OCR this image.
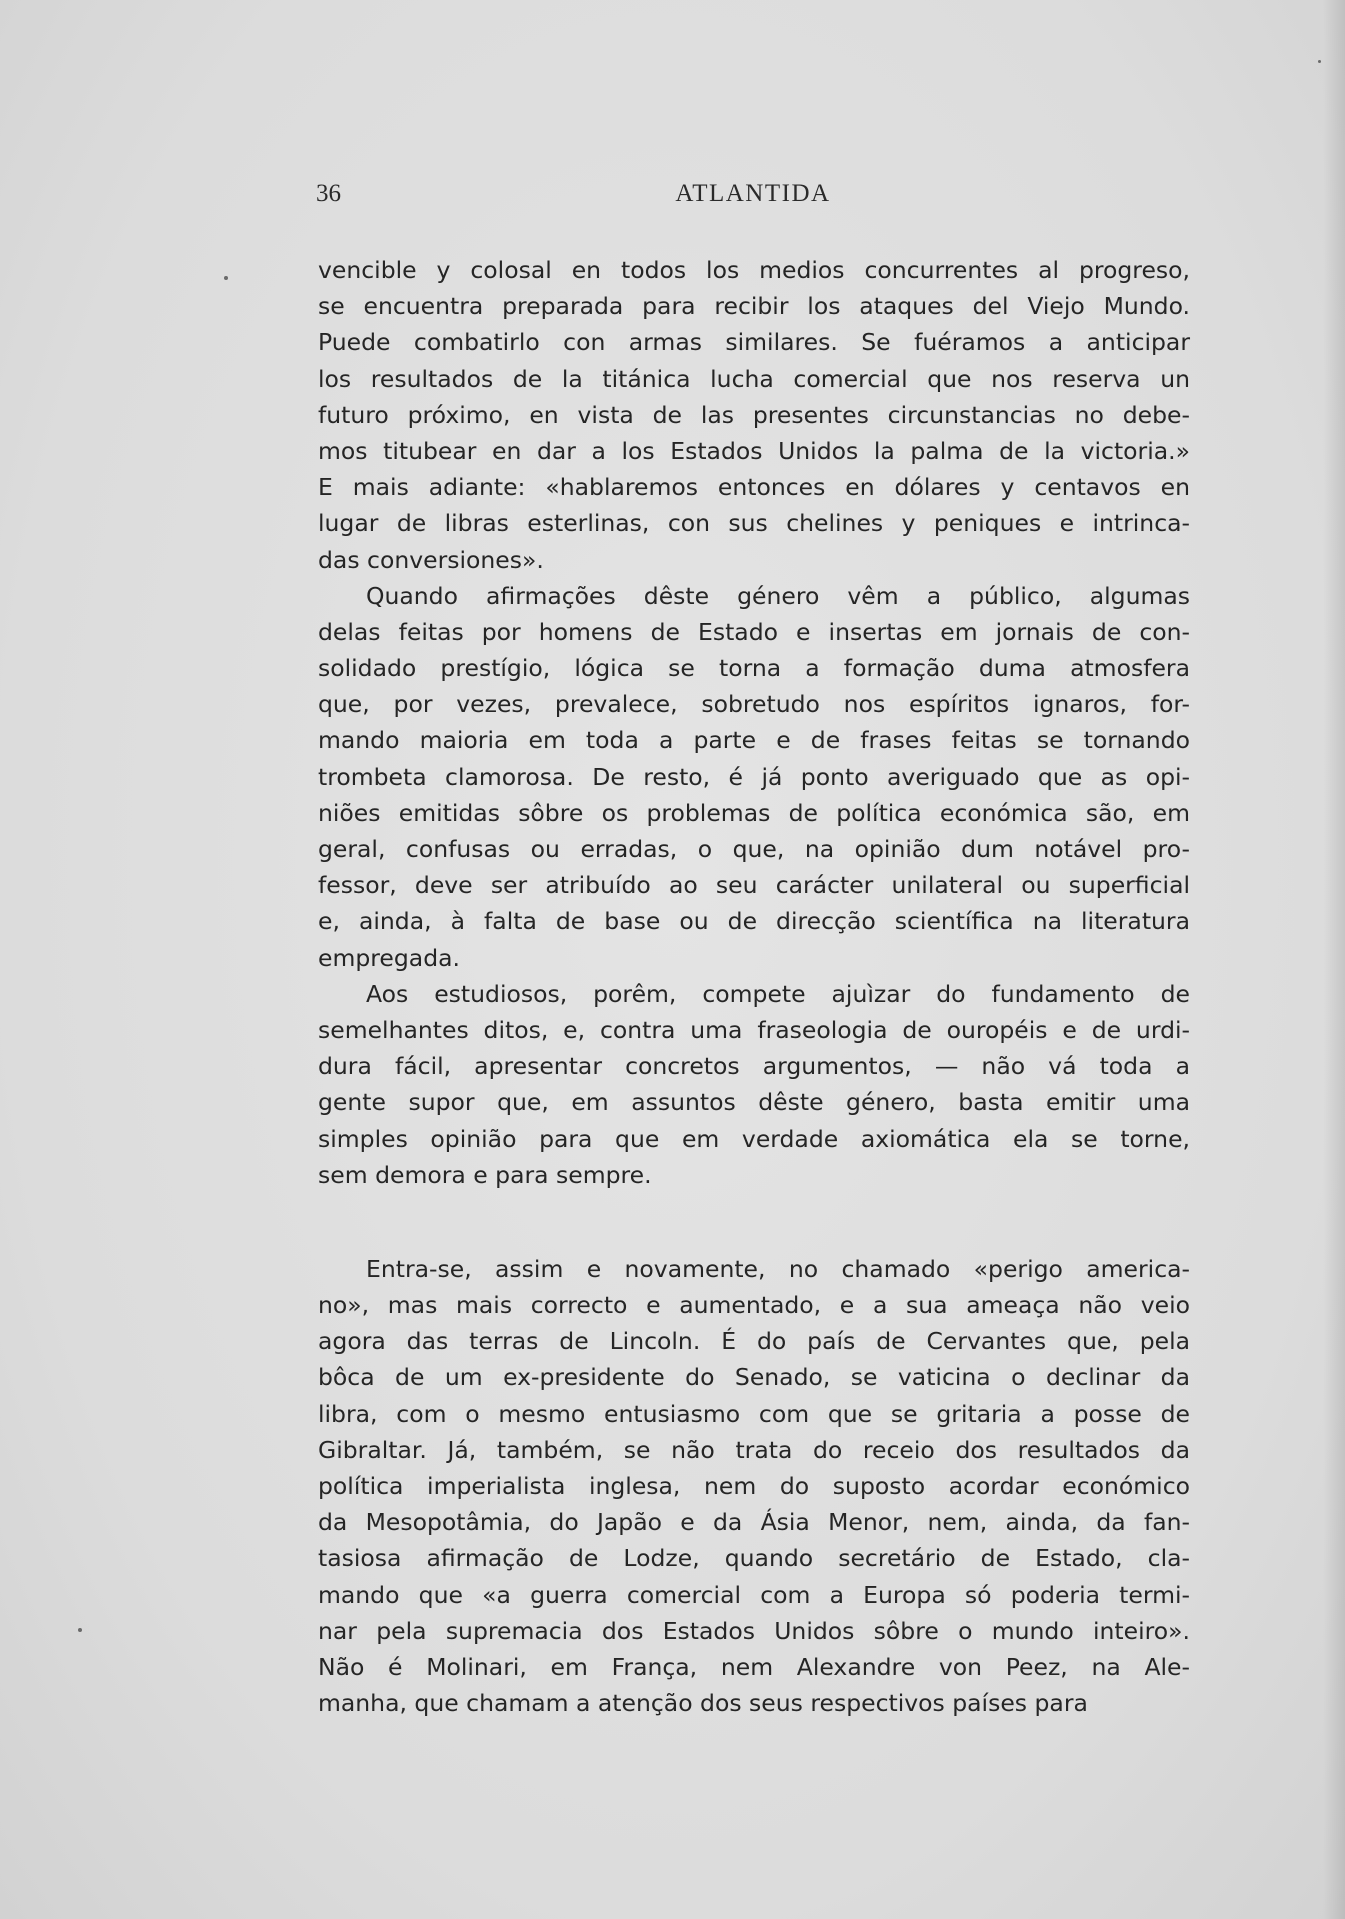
36	ATLANTIDA
vencible y colosal en todos los medios concurrentes al progreso,
se encuentra preparada para recibir los ataques del Viejo Mundo.
Puede combatirlo con armas similares. Se fuéramos a anticipar
los resultados de la titánica lucha comercial que nos reserva un
futuro próximo, en vista de las presentes circunstancias no debe-
mos titubear en dar a los Estados Unidos la palma de la victoria.»
E mais adiante: «hablaremos entonces en dólares y centavos en
lugar de libras esterlinas, con sus chelines y peniques e intrinca-
das conversiones».
Quando afirmações dêste género vêm a público, algumas
delas feitas por homens de Estado e insertas em jornais de con-
solidado prestígio, lógica se torna a formação duma atmosfera
que, por vezes, prevalece, sobretudo nos espíritos ignaros, for-
mando maioria em toda a parte e de frases feitas se tornando
trombeta clamorosa. De resto, é já ponto averiguado que as opi-
niões emitidas sôbre os problemas de política económica são, em
geral, confusas ou erradas, o que, na opinião dum notável pro-
fessor, deve ser atribuído ao seu carácter unilateral ou superficial
e, ainda, à falta de base ou de direcção scientífica na literatura
empregada.
Aos estudiosos, porêm, compete ajuìzar do fundamento de
semelhantes ditos, e, contra uma fraseologia de ouropéis e de urdi-
dura fácil, apresentar concretos argumentos, — não vá toda a
gente supor que, em assuntos dêste género, basta emitir uma
simples opinião para que em verdade axiomática ela se torne,
sem demora e para sempre.
Entra-se, assim e novamente, no chamado «perigo america-
no», mas mais correcto e aumentado, e a sua ameaça não veio
agora das terras de Lincoln. É do país de Cervantes que, pela
bôca de um ex-presidente do Senado, se vaticina o declinar da
libra, com o mesmo entusiasmo com que se gritaria a posse de
Gibraltar. Já, também, se não trata do receio dos resultados da
política imperialista inglesa, nem do suposto acordar económico
da Mesopotâmia, do Japão e da Ásia Menor, nem, ainda, da fan-
tasiosa afirmação de Lodze, quando secretário de Estado, cla-
mando que «a guerra comercial com a Europa só poderia termi-
nar pela supremacia dos Estados Unidos sôbre o mundo inteiro».
Não é Molinari, em França, nem Alexandre von Peez, na Ale-
manha, que chamam a atenção dos seus respectivos países para
